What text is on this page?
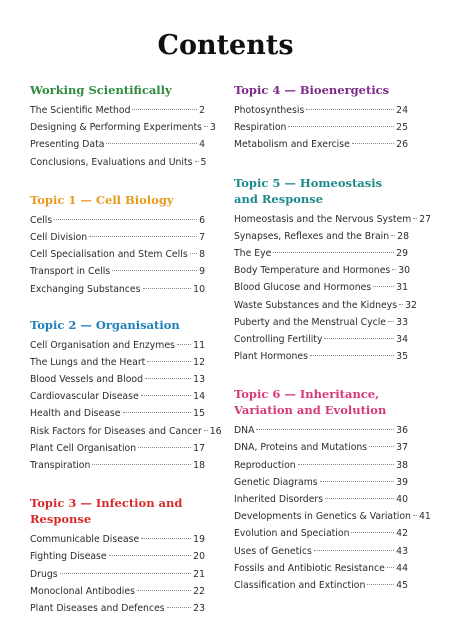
Contents
Working Scientifically
The Scientific Method	2
Designing & Performing Experiments 3
Presenting Data	4
Conclusions, Evaluations and Units 5
Topic 1 — Cell Biology
Cells	6
Cell Division	7
Cell Specialisation and Stem Cells 8
Transport in Cells	9
Exchanging Substances	10
Topic 2 — Organisation
Cell Organisation and Enzymes 11
The Lungs and the Heart	12
Blood Vessels and Blood	13
Cardiovascular Disease	14
Health and Disease	15
Risk Factors for Diseases and Cancer 16
Plant Cell Organisation	17
Transpiration	18
Topic 3 — Infection and Response
Communicable Disease	19
Fighting Disease	20
Drugs	21
Monoclonal Antibodies	22
Plant Diseases and Defences	23
Topic 4 — Bioenergetics
Photosynthesis	24
Respiration	25
Metabolism and Exercise	26
Topic 5 — Homeostasis and Response
Homeostasis and the Nervous System 27
Synapses, Reflexes and the Brain 28
The Eye	29
Body Temperature and Hormones 30
Blood Glucose and Hormones	31
Waste Substances and the Kidneys 32
Puberty and the Menstrual Cycle 33
Controlling Fertility	34
Plant Hormones	35
Topic 6 — Inheritance, Variation and Evolution
DNA	36
DNA, Proteins and Mutations	37
Reproduction	38
Genetic Diagrams	39
Inherited Disorders	40
Developments in Genetics & Variation 41
Evolution and Speciation	42
Uses of Genetics	43
Fossils and Antibiotic Resistance 44
Classification and Extinction	45
